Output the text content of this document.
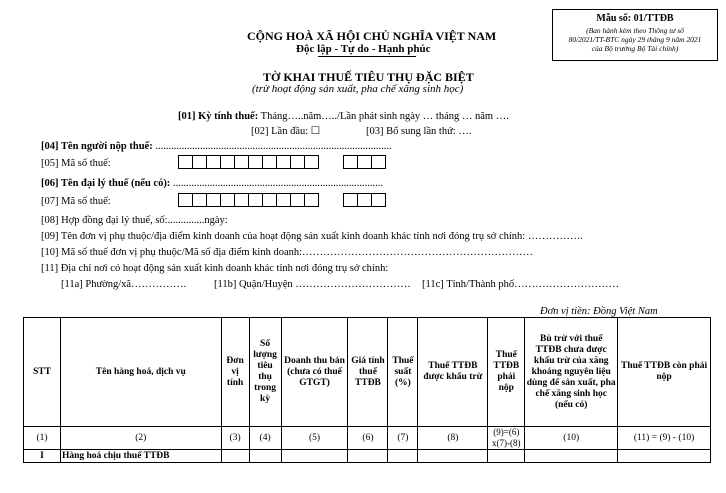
Mẫu số: 01/TTĐB
(Ban hành kèm theo Thông tư số
80/2021/TT-BTC ngày 29 tháng 9 năm 2021
của Bộ trưởng Bộ Tài chính)
CỘNG HOÀ XÃ HỘI CHỦ NGHĨA VIỆT NAM
Độc lập - Tự do - Hạnh phúc
TỜ KHAI THUẾ TIÊU THỤ ĐẶC BIỆT
(trừ hoạt động sản xuất, pha chế xăng sinh học)
[01] Kỳ tính thuế: Tháng…..năm…../Lần phát sinh ngày … tháng … năm ….
[02] Lần đầu: ☐	[03] Bổ sung lần thứ: ….
[04] Tên người nộp thuế: ..........................................................................................
[05] Mã số thuế:
[06] Tên đại lý thuế (nếu có): ................................................................................
[07] Mã số thuế:
[08] Hợp đồng đại lý thuế, số:..............ngày:
[09] Tên đơn vị phụ thuộc/địa điểm kinh doanh của hoạt động sản xuất kinh doanh khác tỉnh nơi đóng trụ sở chính: …………….
[10] Mã số thuế đơn vị phụ thuộc/Mã số địa điểm kinh doanh:…………………………………………………………
[11] Địa chỉ nơi có hoạt động sản xuất kinh doanh khác tỉnh nơi đóng trụ sở chính:
[11a] Phường/xã…………….	[11b] Quận/Huyện …………………………… [11c] Tỉnh/Thành phố…………………………
Đơn vị tiền: Đồng Việt Nam
STT	Tên hàng hoá, dịch vụ	Đơn vị tính	Số lượng tiêu thụ trong kỳ	Doanh thu bán (chưa có thuế GTGT)	Giá tính thuế TTĐB	Thuế suất (%)	Thuế TTĐB được khấu trừ	Thuế TTĐB phải nộp	Bù trừ với thuế TTĐB chưa được khấu trừ của xăng khoáng nguyên liệu dùng để sản xuất, pha chế xăng sinh học (nếu có)	Thuế TTĐB còn phải nộp
(1)	(2)	(3)	(4)	(5)	(6)	(7)	(8)	(9)=(6) x(7)-(8)	(10)	(11) = (9) - (10)
I	Hàng hoá chịu thuế TTĐB									
